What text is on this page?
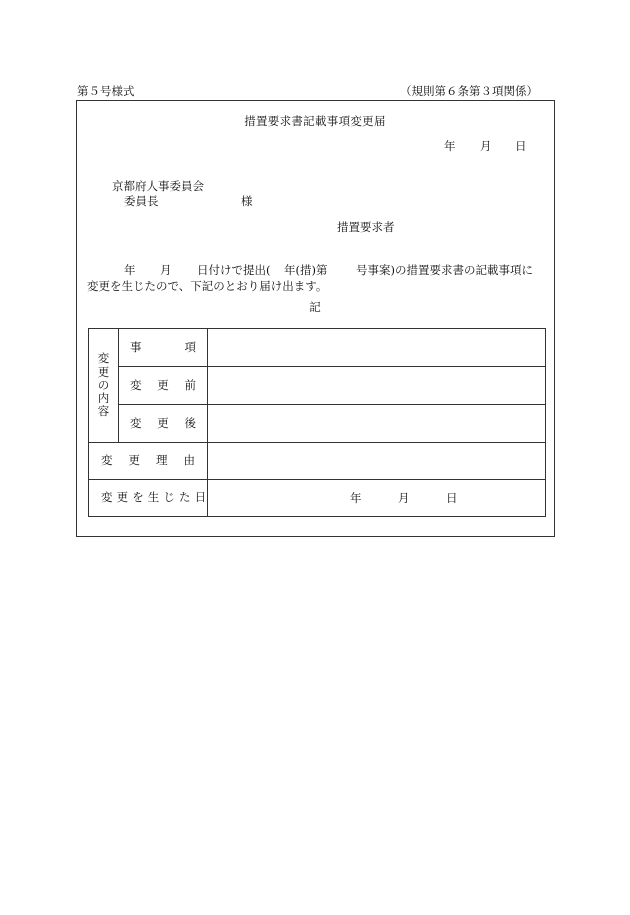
第５号様式	（規則第６条第３項関係）
措置要求書記載事項変更届
年 月 日
京都府人事委員会
委員長	様
措置要求者
年 月 日付けで提出( 年(措)第 号事案)の措置要求書の記載事項に
変更を生じたので、下記のとおり届け出ます。
記
変
更
の
内
容	事 項	

	変 更 前	

	変 更 後	

変 更 理 由		

変更を生じた日		年 月 日
